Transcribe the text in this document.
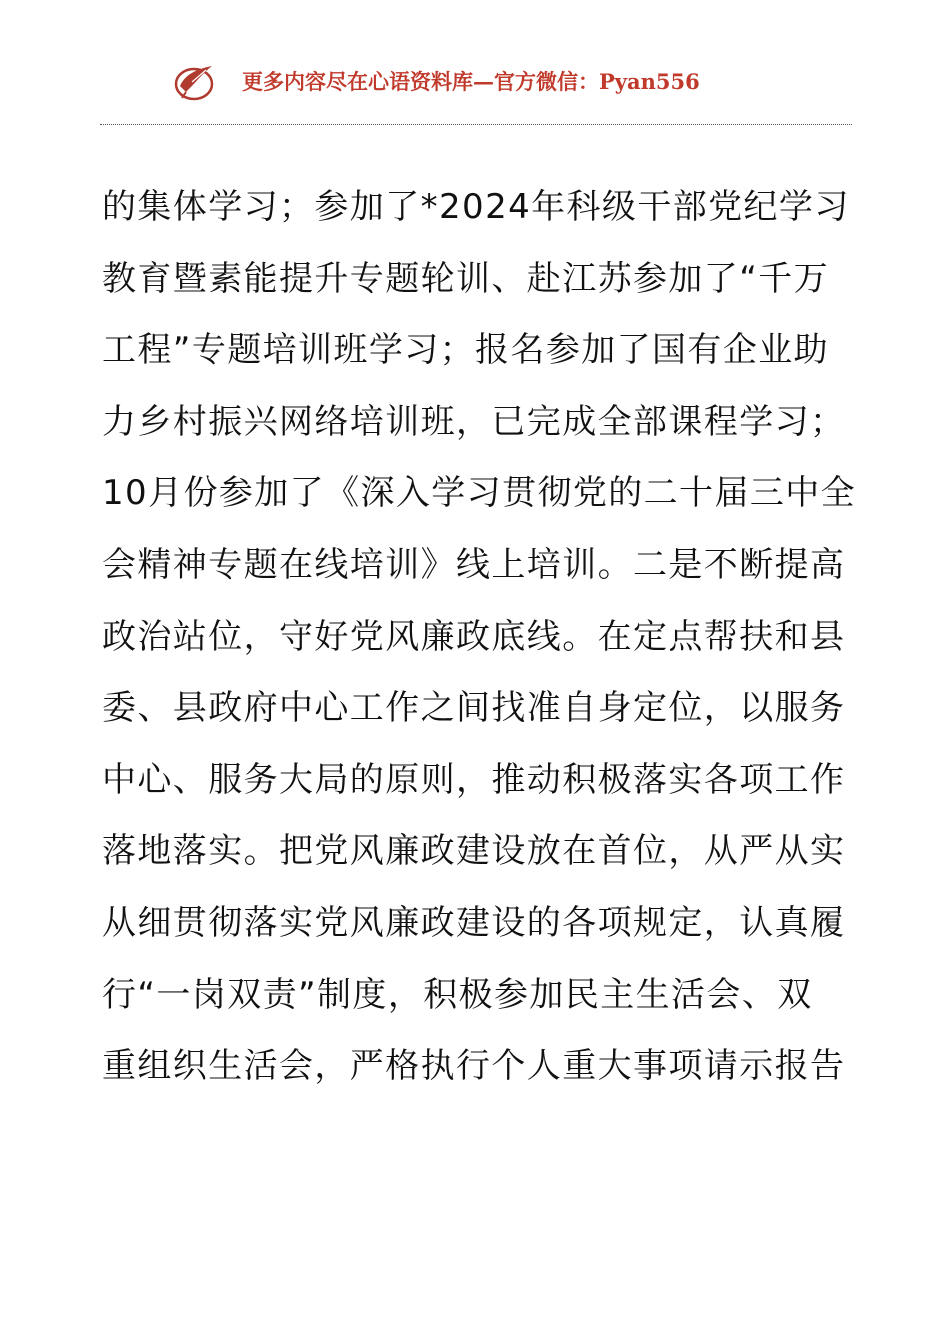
更多内容尽在心语资料库—官方微信：Pyan556
的集体学习；参加了*2024年科级干部党纪学习
教育暨素能提升专题轮训、赴江苏参加了“千万
工程”专题培训班学习；报名参加了国有企业助
力乡村振兴网络培训班，已完成全部课程学习；
10月份参加了《深入学习贯彻党的二十届三中全
会精神专题在线培训》线上培训。二是不断提高
政治站位，守好党风廉政底线。在定点帮扶和县
委、县政府中心工作之间找准自身定位，以服务
中心、服务大局的原则，推动积极落实各项工作
落地落实。把党风廉政建设放在首位，从严从实
从细贯彻落实党风廉政建设的各项规定，认真履
行“一岗双责”制度，积极参加民主生活会、双
重组织生活会，严格执行个人重大事项请示报告
